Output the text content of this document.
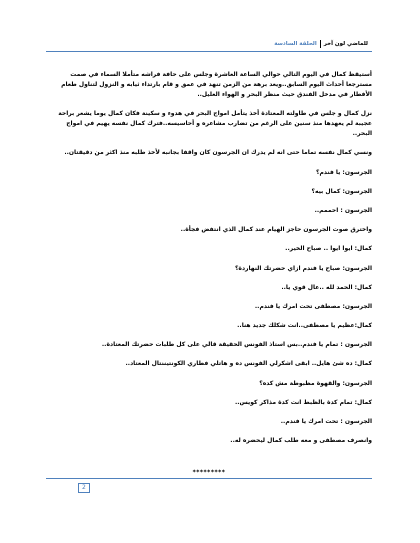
الحلقة السادسة للماضي لون آخر

أستيقظ كمال في اليوم التالي حوالي الساعة العاشرة وجلس على حافة فراشه متأملا السماء في صمت مسترجعا أحداث اليوم السابق..ويعد برهة من الزمن تنهد في عمق و قام بارتداء ثيابه و النزول لتناول طعام الأفطار في مدخل الفندق حيث منظر البحر و الهواء العليل..

نزل كمال و جلس في طاولته المعتادة أخذ يتأمل امواج البحر في هدوء و سكينة فكان كمال يوما يشعر براحة عجيبة لم يعهدها منذ سنين على الرغم من تضارب مشاعره و أحاسيسه..فترك كمال نفسه يهيم في امواج البحر..

ونسي كمال نفسه تماما حتى انه لم يدرك ان الجرسون كان واقفا بجانبه لأخذ طلبه منذ اكثر من دقيقتان..

الجرسون: يا فندم؟

الجرسون: كمال بيه؟

الجرسون : احممم..

واخترق صوت الجرسون حاجز الهيام عند كمال الذي انتفض فجأة..

كمال: ايوا ايوا .. صباح الخير..

الجرسون: صباح يا فندم ازاي حضرتك النهاردة؟

كمال: الحمد لله ..عال قوي يا..

الجرسون: مصطفى تحت امرك يا فندم..

كمال:عظيم يا مصطفى..انت شكلك جديد هنا..

الجرسون : تمام يا فندم..بس استاذ الفونس الحقيقة قالي على كل طلبات حضرتك المعتادة..

كمال: ده شئ هايل.. ابقى اشكرلي الفونس ده و هاتلي فطاري الكونتيننتال المعتاد..

الجرسون: والقهوة مظبوطة مش كده؟

كمال: تمام كدة بالظبط انت كدة مذاكر كويس..

الجرسون : تحت امرك يا فندم..

وانصرف مصطفى و معه طلب كمال ليحضره له..

*********

2
